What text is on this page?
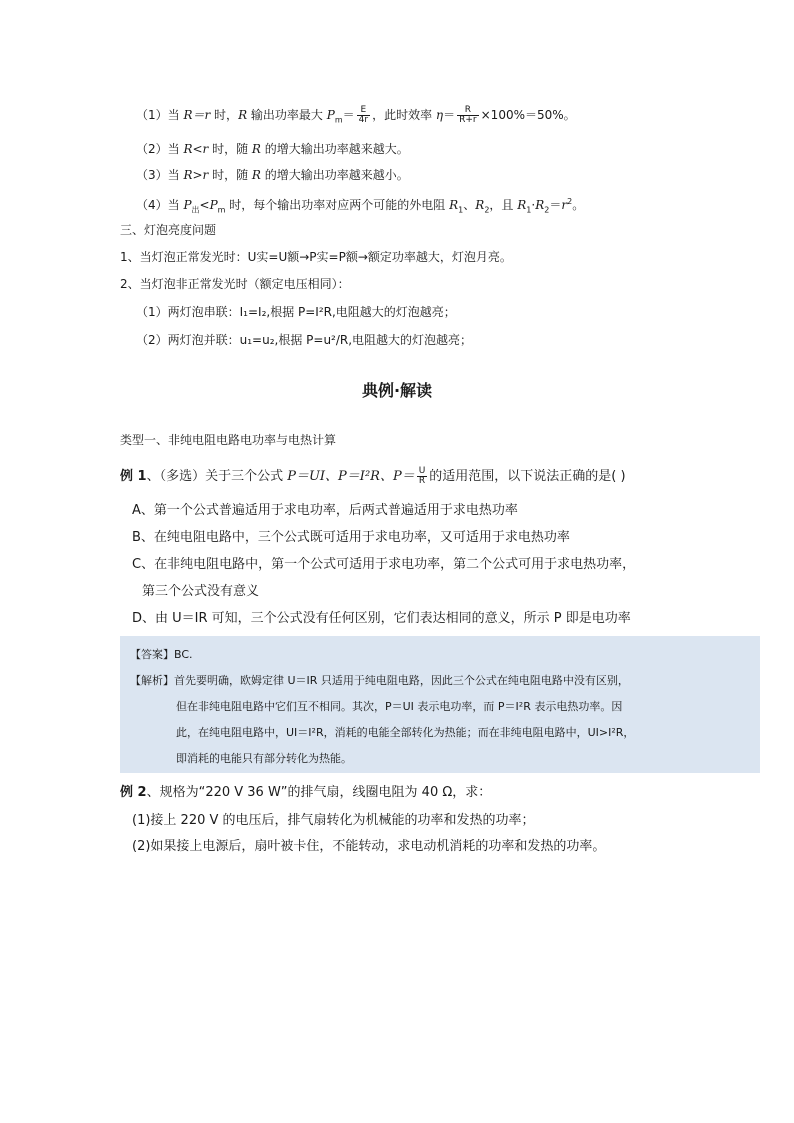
（1）当 R＝r 时，R 输出功率最大 $P_m= \frac{E}{4r}$ ，此时效率 $\eta= \frac{R}{R+r} \times 100\%=50\%$。
（2）当 R<r 时，随 R 的增大输出功率越来越大。
（3）当 R>r 时，随 R 的增大输出功率越来越小。
（4）当 $P_出<P_m$ 时，每个输出功率对应两个可能的外电阻 $R_1$、$R_2$，且 $R_1\cdot R_2=r^2$。
三、灯泡亮度问题
1、当灯泡正常发光时：U实=U额→P实=P额→额定功率越大，灯泡月亮。
2、当灯泡非正常发光时（额定电压相同）：
（1）两灯泡串联：I₁=I₂,根据 P=I²R,电阻越大的灯泡越亮；
（2）两灯泡并联：u₁=u₂,根据 P=u²/R,电阻越大的灯泡越亮；
典例·解读
类型一、非纯电阻电路电功率与电热计算
例 1、（多选）关于三个公式 P＝UI、P＝I²R、$P= \frac{U}{R}$ 的适用范围，以下说法正确的是( )
A、第一个公式普遍适用于求电功率，后两式普遍适用于求电热功率
B、在纯电阻电路中，三个公式既可适用于求电功率，又可适用于求电热功率
C、在非纯电阻电路中，第一个公式可适用于求电功率，第二个公式可用于求电热功率，
第三个公式没有意义
D、由 U＝IR 可知，三个公式没有任何区别，它们表达相同的意义，所示 P 即是电功率
【答案】BC.
【解析】首先要明确，欧姆定律 U＝IR 只适用于纯电阻电路，因此三个公式在纯电阻电路中没有区别，
但在非纯电阻电路中它们互不相同。其次，P＝UI 表示电功率，而 P＝I²R 表示电热功率。因
此，在纯电阻电路中，UI＝I²R，消耗的电能全部转化为热能；而在非纯电阻电路中，UI>I²R，
即消耗的电能只有部分转化为热能。
例 2、规格为“220 V 36 W”的排气扇，线圈电阻为 40 Ω，求：
(1)接上 220 V 的电压后，排气扇转化为机械能的功率和发热的功率；
(2)如果接上电源后，扇叶被卡住，不能转动，求电动机消耗的功率和发热的功率。
